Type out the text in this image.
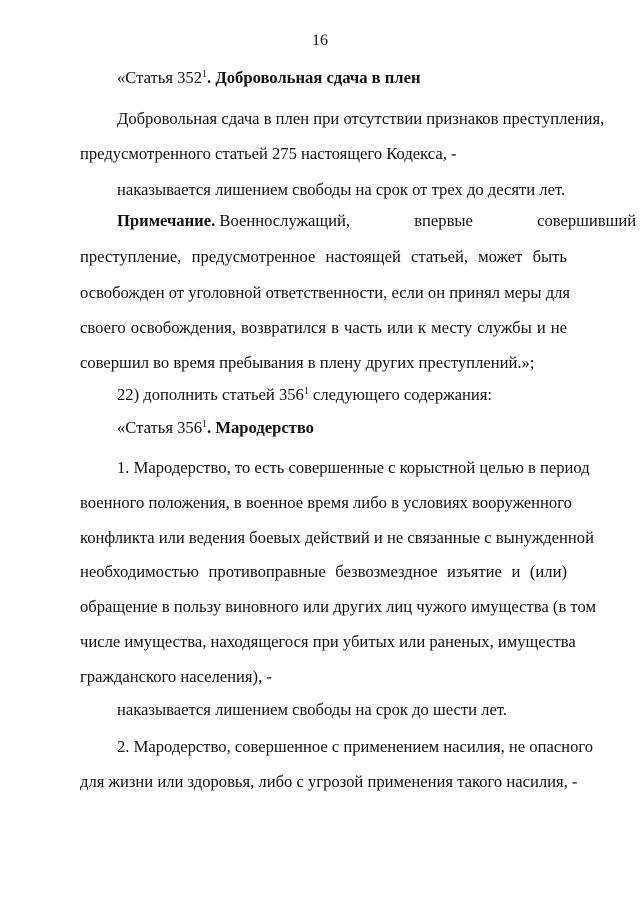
16
«Статья $352^1$. Добровольная сдача в плен
Добровольная сдача в плен при отсутствии признаков преступления,
предусмотренного статьей 275 настоящего Кодекса, -
наказывается лишением свободы на срок от трех до десяти лет.
Примечание. Военнослужащий, впервые совершивший
преступление, предусмотренное настоящей статьей, может быть
освобожден от уголовной ответственности, если он принял меры для
своего освобождения, возвратился в часть или к месту службы и не
совершил во время пребывания в плену других преступлений.»;
22) дополнить статьей $356^1$ следующего содержания:
«Статья $356^1$. Мародерство
1. Мародерство, то есть совершенные с корыстной целью в период
военного положения, в военное время либо в условиях вооруженного
конфликта или ведения боевых действий и не связанные с вынужденной
необходимостью противоправные безвозмездное изъятие и (или)
обращение в пользу виновного или других лиц чужого имущества (в том
числе имущества, находящегося при убитых или раненых, имущества
гражданского населения), -
наказывается лишением свободы на срок до шести лет.
2. Мародерство, совершенное с применением насилия, не опасного
для жизни или здоровья, либо с угрозой применения такого насилия, -
